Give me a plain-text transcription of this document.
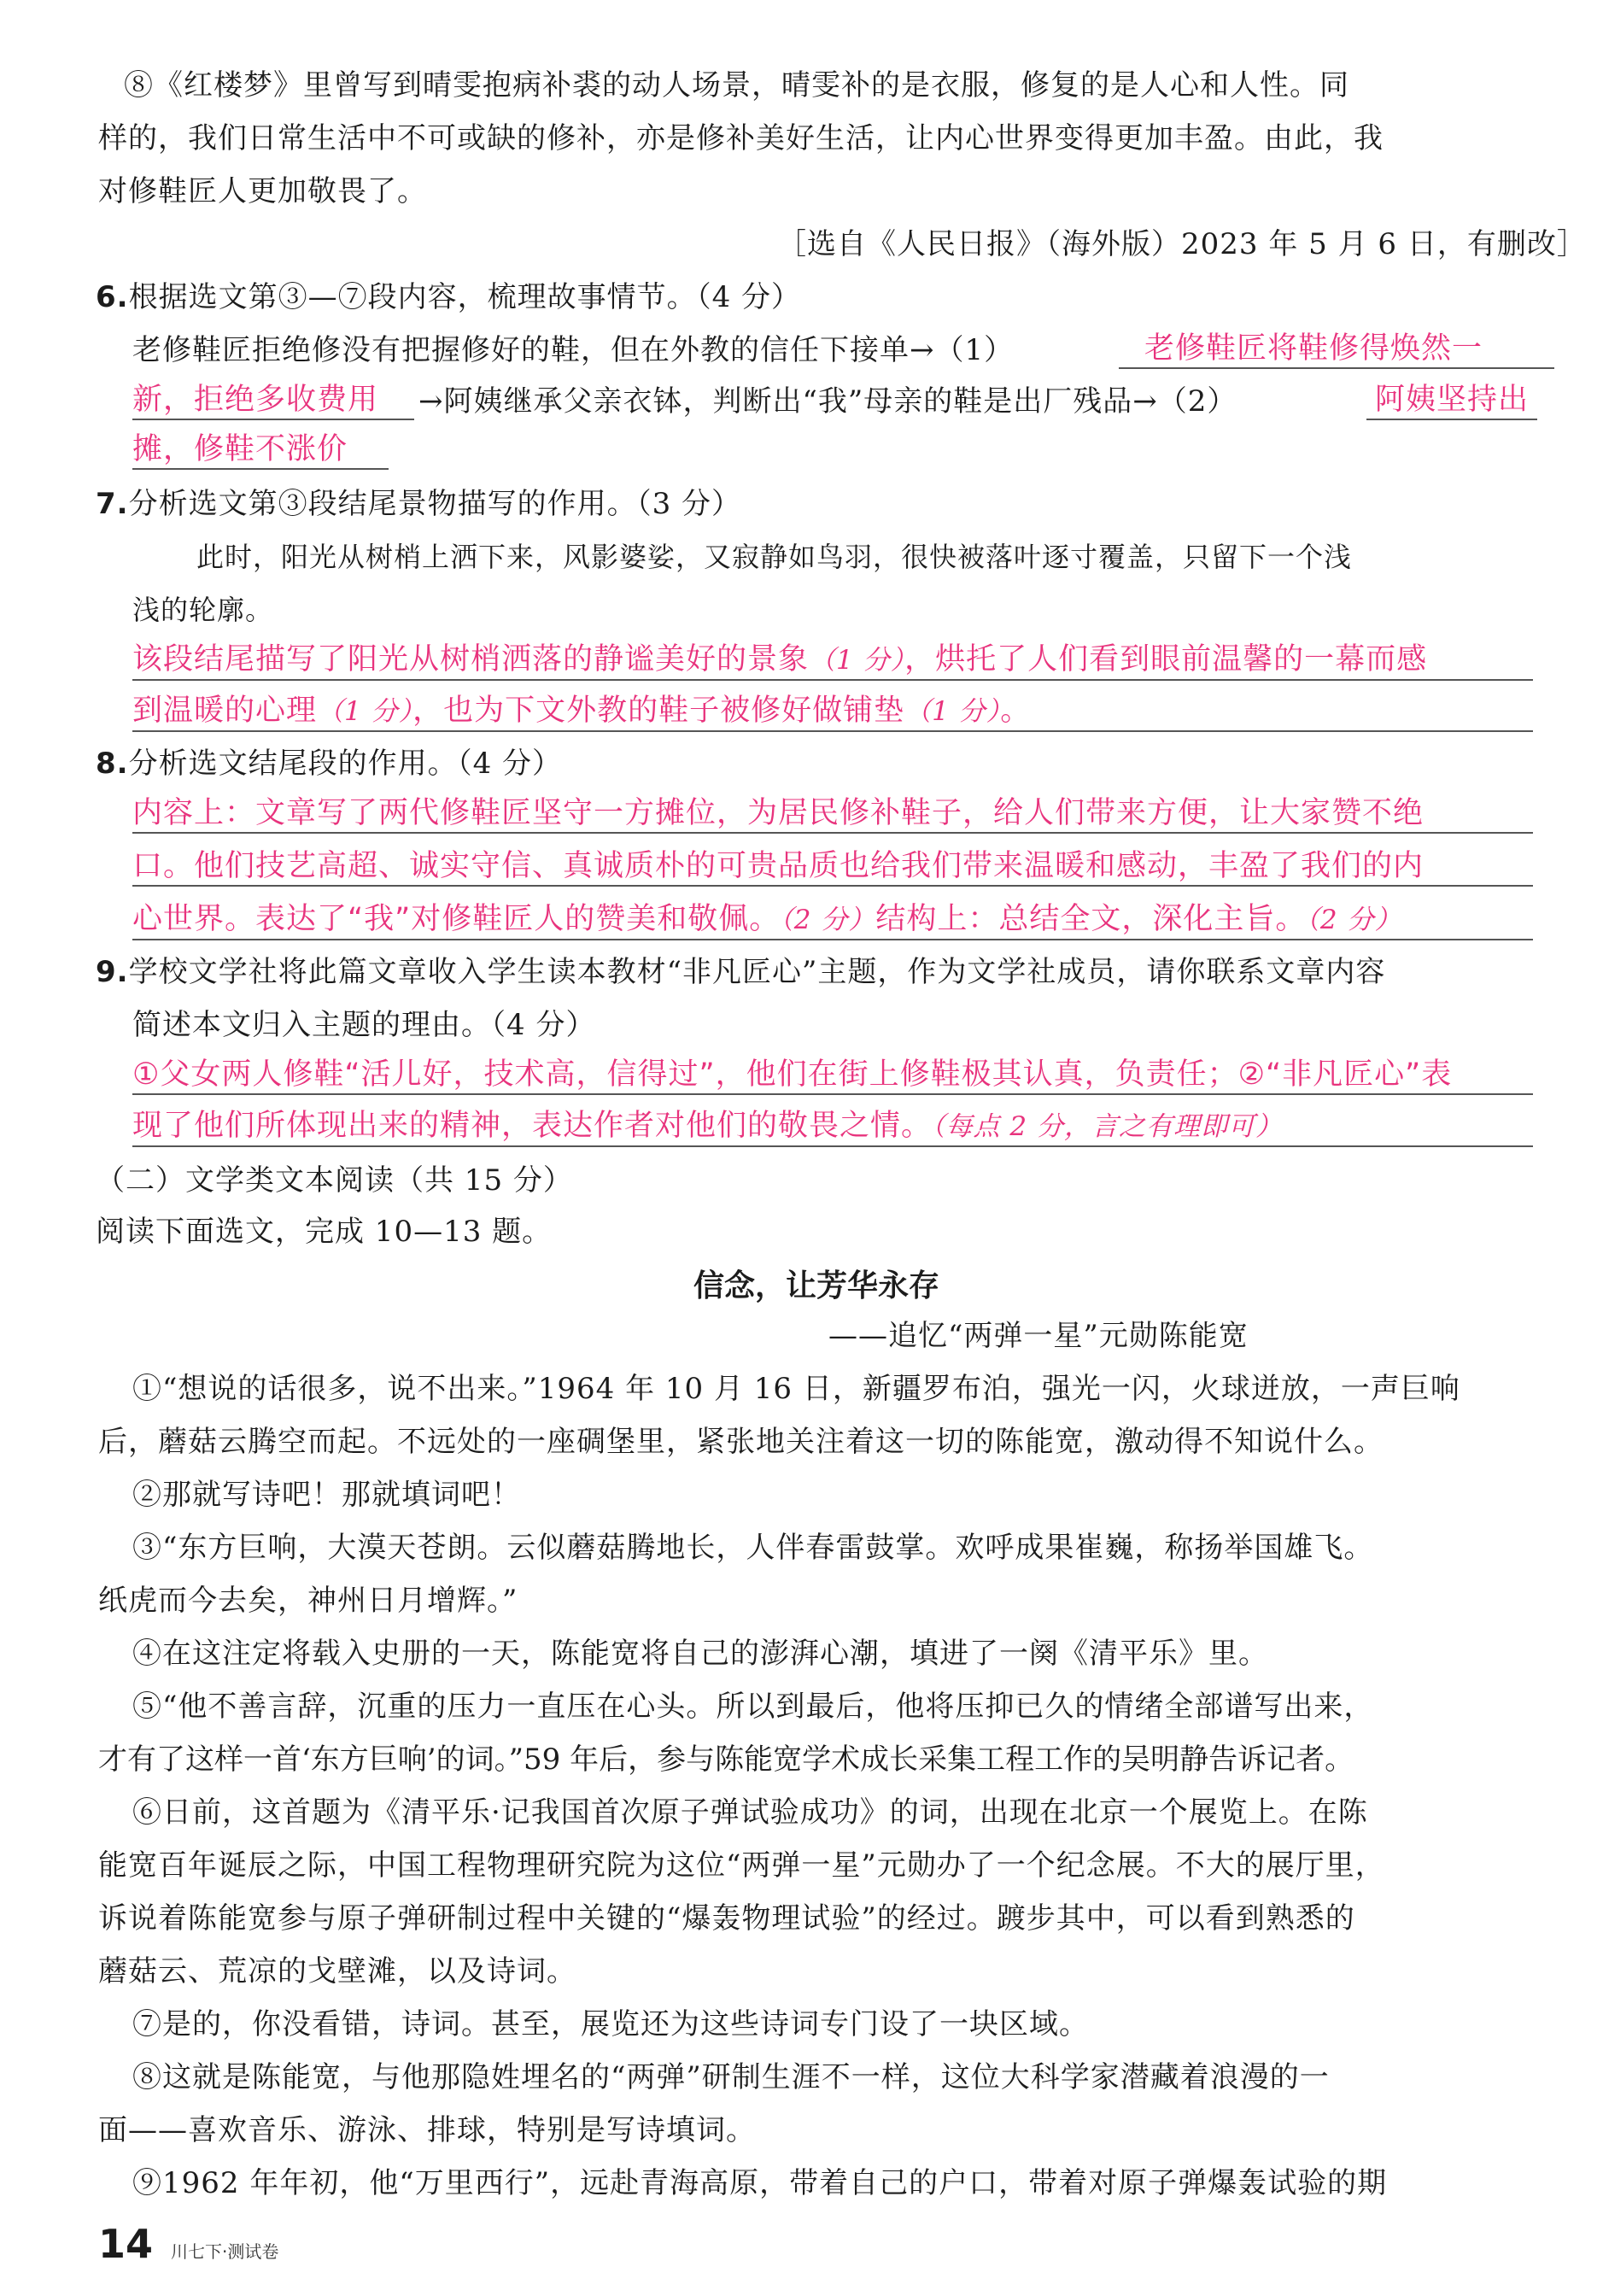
⑧《红楼梦》里曾写到晴雯抱病补裘的动人场景，晴雯补的是衣服，修复的是人心和人性。同
样的，我们日常生活中不可或缺的修补，亦是修补美好生活，让内心世界变得更加丰盈。由此，我
对修鞋匠人更加敬畏了。
［选自《人民日报》（海外版）2023 年 5 月 6 日，有删改］
6.根据选文第③—⑦段内容，梳理故事情节。（4 分）
老修鞋匠拒绝修没有把握修好的鞋，但在外教的信任下接单→（1）	老修鞋匠将鞋修得焕然一
新，拒绝多收费用	→阿姨继承父亲衣钵，判断出“我”母亲的鞋是出厂残品→（2）	阿姨坚持出
摊，修鞋不涨价
7.分析选文第③段结尾景物描写的作用。（3 分）
此时，阳光从树梢上洒下来，风影婆娑，又寂静如鸟羽，很快被落叶逐寸覆盖，只留下一个浅
浅的轮廓。
该段结尾描写了阳光从树梢洒落的静谧美好的景象（1 分），烘托了人们看到眼前温馨的一幕而感
到温暖的心理（1 分），也为下文外教的鞋子被修好做铺垫（1 分）。
8.分析选文结尾段的作用。（4 分）
内容上：文章写了两代修鞋匠坚守一方摊位，为居民修补鞋子，给人们带来方便，让大家赞不绝
口。他们技艺高超、诚实守信、真诚质朴的可贵品质也给我们带来温暖和感动，丰盈了我们的内
心世界。表达了“我”对修鞋匠人的赞美和敬佩。（2 分）结构上：总结全文，深化主旨。（2 分）
9.学校文学社将此篇文章收入学生读本教材“非凡匠心”主题，作为文学社成员，请你联系文章内容
简述本文归入主题的理由。（4 分）
①父女两人修鞋“活儿好，技术高，信得过”，他们在街上修鞋极其认真，负责任；②“非凡匠心”表
现了他们所体现出来的精神，表达作者对他们的敬畏之情。（每点 2 分，言之有理即可）
（二）文学类文本阅读（共 15 分）
阅读下面选文，完成 10—13 题。
信念，让芳华永存
——追忆“两弹一星”元勋陈能宽
①“想说的话很多，说不出来。”1964 年 10 月 16 日，新疆罗布泊，强光一闪，火球迸放，一声巨响
后，蘑菇云腾空而起。不远处的一座碉堡里，紧张地关注着这一切的陈能宽，激动得不知说什么。
②那就写诗吧！那就填词吧！
③“东方巨响，大漠天苍朗。云似蘑菇腾地长，人伴春雷鼓掌。欢呼成果崔巍，称扬举国雄飞。
纸虎而今去矣，神州日月增辉。”
④在这注定将载入史册的一天，陈能宽将自己的澎湃心潮，填进了一阕《清平乐》里。
⑤“他不善言辞，沉重的压力一直压在心头。所以到最后，他将压抑已久的情绪全部谱写出来，
才有了这样一首‘东方巨响’的词。”59 年后，参与陈能宽学术成长采集工程工作的吴明静告诉记者。
⑥日前，这首题为《清平乐·记我国首次原子弹试验成功》的词，出现在北京一个展览上。在陈
能宽百年诞辰之际，中国工程物理研究院为这位“两弹一星”元勋办了一个纪念展。不大的展厅里，
诉说着陈能宽参与原子弹研制过程中关键的“爆轰物理试验”的经过。踱步其中，可以看到熟悉的
蘑菇云、荒凉的戈壁滩，以及诗词。
⑦是的，你没看错，诗词。甚至，展览还为这些诗词专门设了一块区域。
⑧这就是陈能宽，与他那隐姓埋名的“两弹”研制生涯不一样，这位大科学家潜藏着浪漫的一
面——喜欢音乐、游泳、排球，特别是写诗填词。
⑨1962 年年初，他“万里西行”，远赴青海高原，带着自己的户口，带着对原子弹爆轰试验的期
14 川七下·测试卷
